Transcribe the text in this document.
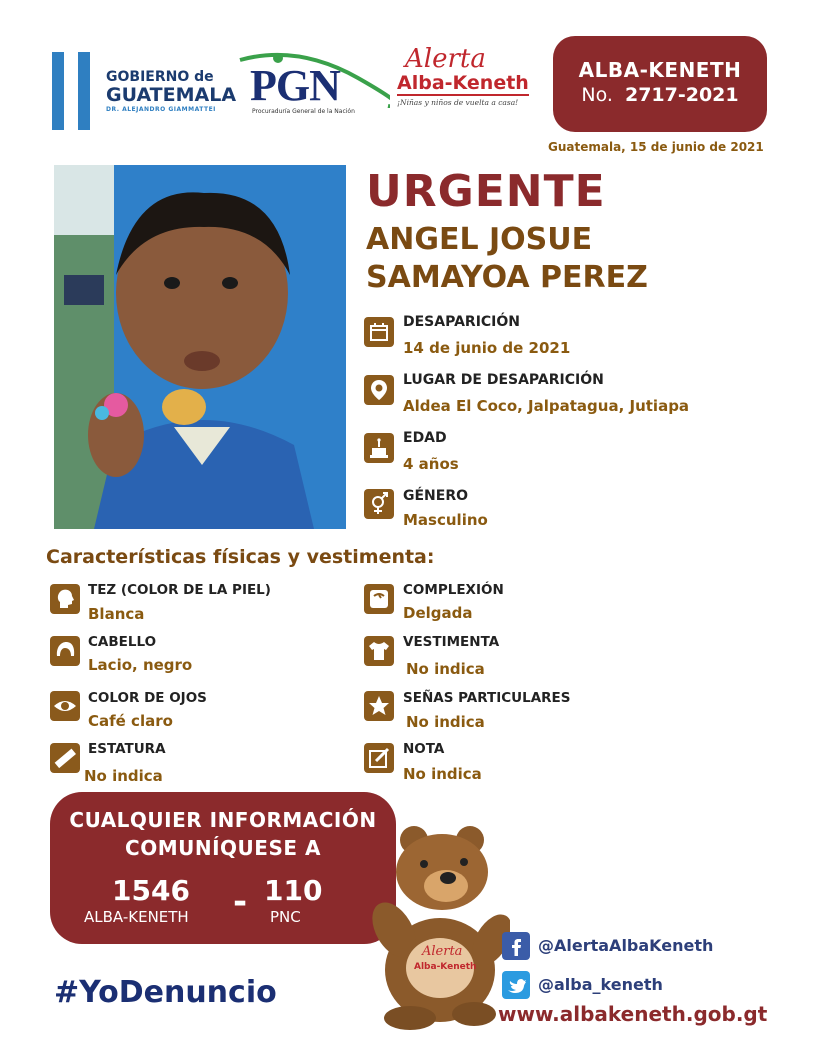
GOBIERNO de
GUATEMALA
DR. ALEJANDRO GIAMMATTEI PGN
Procuraduría General de la Nación
Alerta
Alba-Keneth
¡Niñas y niños de vuelta a casa!
ALBA-KENETH
No. 2717-2021
Guatemala, 15 de junio de 2021
URGENTE
ANGEL JOSUE
SAMAYOA PEREZ
DESAPARICIÓN
14 de junio de 2021
LUGAR DE DESAPARICIÓN
Aldea El Coco, Jalpatagua, Jutiapa
EDAD
4 años
GÉNERO
Masculino
Características físicas y vestimenta:
TEZ (COLOR DE LA PIEL)
Blanca
CABELLO
Lacio, negro
COLOR DE OJOS
Café claro
ESTATURA
No indica
COMPLEXIÓN
Delgada
VESTIMENTA
No indica
SEÑAS PARTICULARES
No indica
NOTA
No indica
CUALQUIER INFORMACIÓN
COMUNÍQUESE A
1546
ALBA-KENETH - 110
PNC
Alerta
Alba-Keneth
#YoDenuncio
@AlertaAlbaKeneth
@alba_keneth
www.albakeneth.gob.gt
